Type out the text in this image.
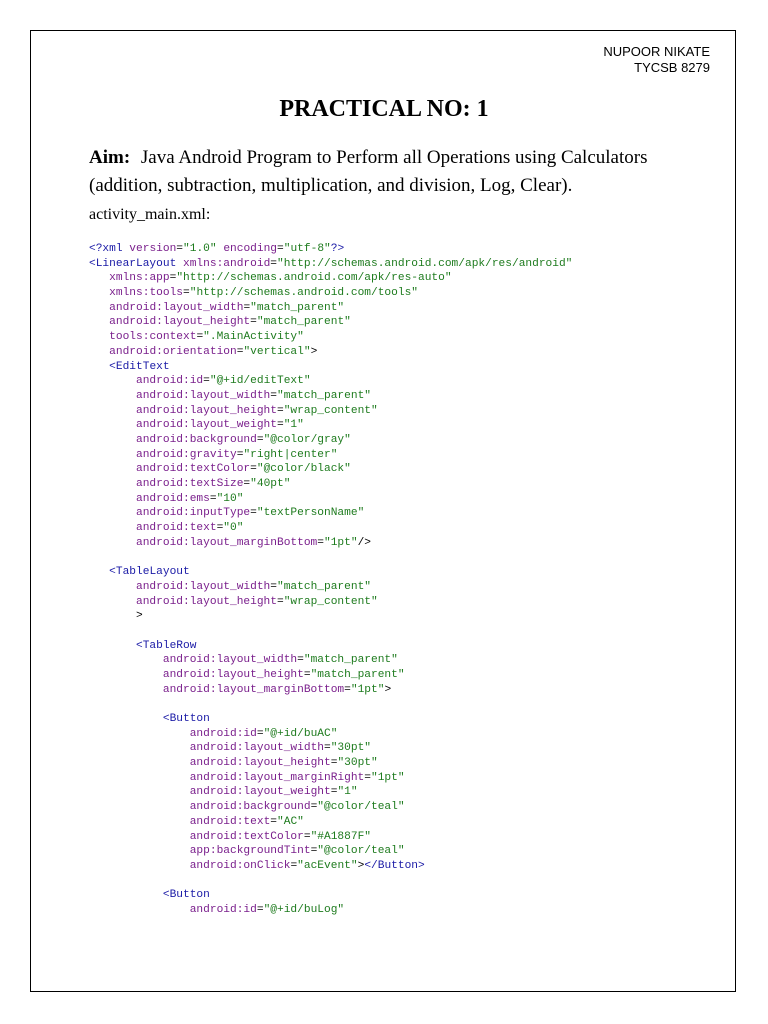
NUPOOR NIKATE
TYCSB 8279
PRACTICAL NO: 1
Aim: Java Android Program to Perform all Operations using Calculators (addition, subtraction, multiplication, and division, Log, Clear).
activity_main.xml:
<?xml version="1.0" encoding="utf-8"?>
<LinearLayout xmlns:android="http://schemas.android.com/apk/res/android"
xmlns:app="http://schemas.android.com/apk/res-auto"
xmlns:tools="http://schemas.android.com/tools"
android:layout_width="match_parent"
android:layout_height="match_parent"
tools:context=".MainActivity"
android:orientation="vertical">
<EditText
android:id="@+id/editText"
android:layout_width="match_parent"
android:layout_height="wrap_content"
android:layout_weight="1"
android:background="@color/gray"
android:gravity="right|center"
android:textColor="@color/black"
android:textSize="40pt"
android:ems="10"
android:inputType="textPersonName"
android:text="0"
android:layout_marginBottom="1pt"/>
<TableLayout
android:layout_width="match_parent"
android:layout_height="wrap_content"
>
<TableRow
android:layout_width="match_parent"
android:layout_height="match_parent"
android:layout_marginBottom="1pt">
<Button
android:id="@+id/buAC"
android:layout_width="30pt"
android:layout_height="30pt"
android:layout_marginRight="1pt"
android:layout_weight="1"
android:background="@color/teal"
android:text="AC"
android:textColor="#A1887F"
app:backgroundTint="@color/teal"
android:onClick="acEvent"></Button>
<Button
android:id="@+id/buLog"
